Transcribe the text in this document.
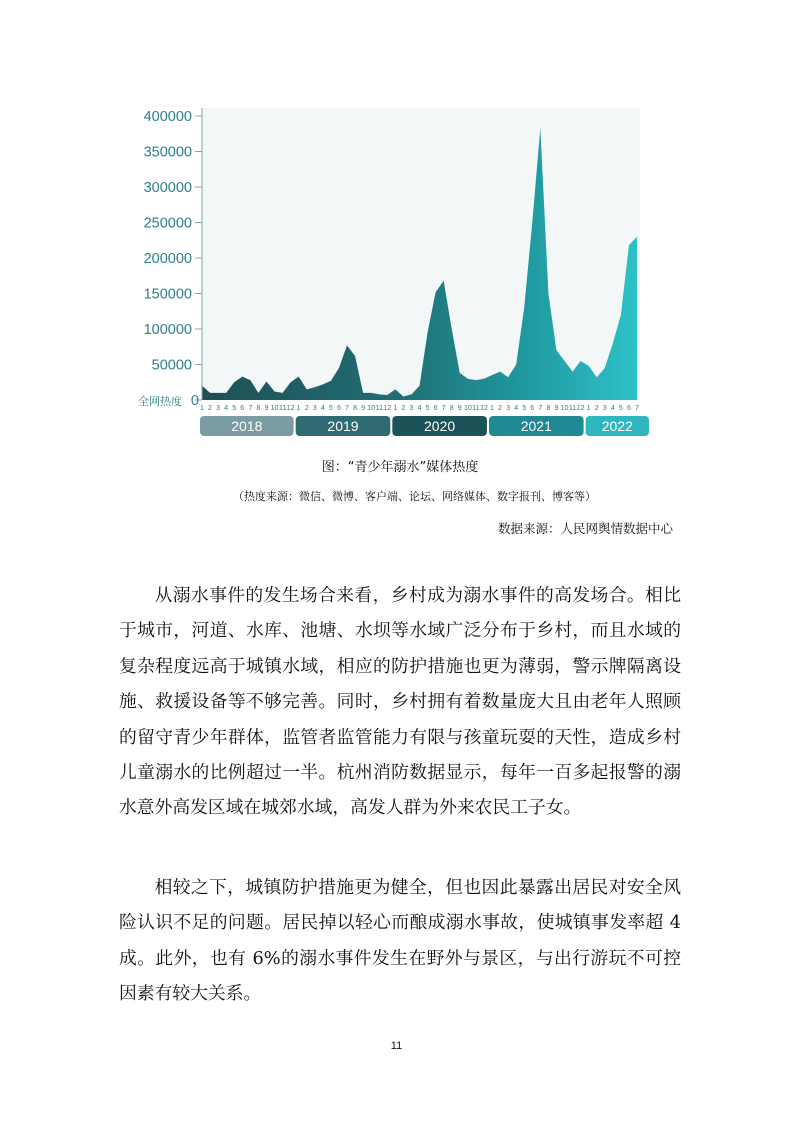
400000
350000
300000
250000
200000
150000
100000
50000
0
全网热度	1 2 3 4 5 6 7 8 9 10 11 12 1 2 3 4 5 6 7 8 9 10 11 12 1 2 3 4 5 6 7 8 9 10 11 12 1 2 3 4 5 6 7 8 9 10 11 12 1 2 3 4 5 6 7
2018	2019	2020	2021	2022
图：“青少年溺水”媒体热度
（热度来源：微信、微博、客户端、论坛、网络媒体、数字报刊、博客等）
数据来源：人民网舆情数据中心

从溺水事件的发生场合来看，乡村成为溺水事件的高发场合。相比于城市，河道、水库、池塘、水坝等水域广泛分布于乡村，而且水域的复杂程度远高于城镇水域，相应的防护措施也更为薄弱，警示牌隔离设施、救援设备等不够完善。同时，乡村拥有着数量庞大且由老年人照顾的留守青少年群体，监管者监管能力有限与孩童玩耍的天性，造成乡村儿童溺水的比例超过一半。杭州消防数据显示，每年一百多起报警的溺水意外高发区域在城郊水域，高发人群为外来农民工子女。

相较之下，城镇防护措施更为健全，但也因此暴露出居民对安全风险认识不足的问题。居民掉以轻心而酿成溺水事故，使城镇事发率超 4 成。此外，也有 6%的溺水事件发生在野外与景区，与出行游玩不可控因素有较大关系。

11
